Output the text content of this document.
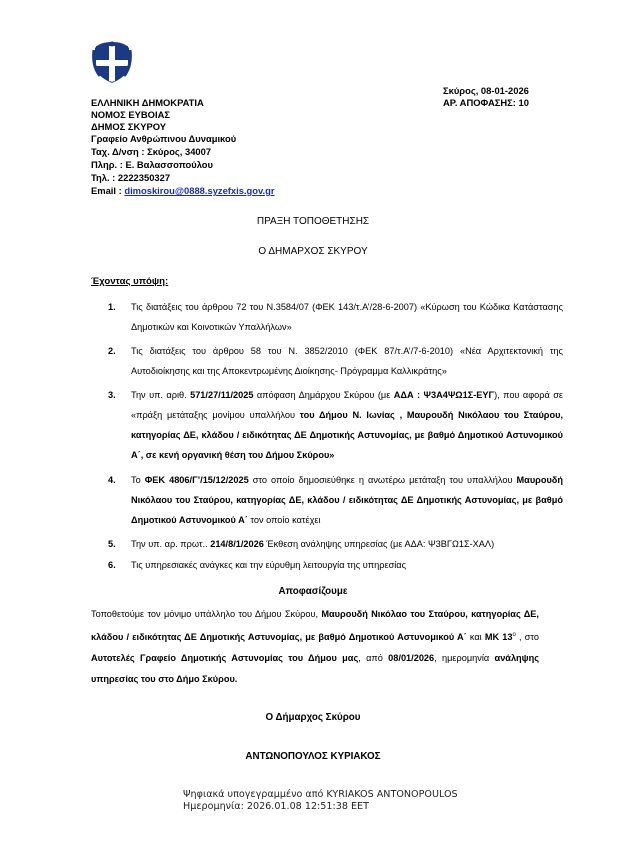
ΕΛΛΗΝΙΚΗ ΔΗΜΟΚΡΑΤΙΑ
ΝΟΜΟΣ ΕΥΒΟΙΑΣ
ΔΗΜΟΣ ΣΚΥΡΟΥ
Γραφείο Ανθρώπινου Δυναμικού
Ταχ. Δ/νση : Σκύρος, 34007
Πληρ. : Ε. Βαλασσοπούλου
Τηλ. : 2222350327
Email : dimoskirou@0888.syzefxis.gov.gr
Σκύρος, 08-01-2026
ΑΡ. ΑΠΟΦΑΣΗΣ: 10
ΠΡΑΞΗ ΤΟΠΟΘΕΤΗΣΗΣ
Ο ΔΗΜΑΡΧΟΣ ΣΚΥΡΟΥ
Έχοντας υπόψη:
1. Τις διατάξεις του άρθρου 72 του Ν.3584/07 (ΦΕΚ 143/τ.Α’/28-6-2007) «Κύρωση του Κώδικα Κατάστασης Δημοτικών και Κοινοτικών Υπαλλήλων»
2. Τις διατάξεις του άρθρου 58 του Ν. 3852/2010 (ΦΕΚ 87/τ.Α’/7-6-2010) «Νέα Αρχιτεκτονική της Αυτοδιοίκησης και της Αποκεντρωμένης Διοίκησης- Πρόγραμμα Καλλικράτης»
3. Την υπ. αριθ. 571/27/11/2025 απόφαση Δημάρχου Σκύρου (με ΑΔΑ : Ψ3Α4ΨΩ1Σ-ΕΥΓ), που αφορά σε «πράξη μετάταξης μονίμου υπαλλήλου του Δήμου Ν. Ιωνίας , Μαυρουδή Νικόλαου του Σταύρου, κατηγορίας ΔΕ, κλάδου / ειδικότητας ΔΕ Δημοτικής Αστυνομίας, με βαθμό Δημοτικού Αστυνομικού Α΄, σε κενή οργανική θέση του Δήμου Σκύρου»
4. Το ΦΕΚ 4806/Γ’/15/12/2025 στο οποίο δημοσιεύθηκε η ανωτέρω μετάταξη του υπαλλήλου Μαυρουδή Νικόλαου του Σταύρου, κατηγορίας ΔΕ, κλάδου / ειδικότητας ΔΕ Δημοτικής Αστυνομίας, με βαθμό Δημοτικού Αστυνομικού Α΄ τον οποίο κατέχει
5. Την υπ. αρ. πρωτ.. 214/8/1/2026 Έκθεση ανάληψης υπηρεσίας (με ΑΔΑ: Ψ3ΒΓΩ1Σ-ΧΑΛ)
6. Τις υπηρεσιακές ανάγκες και την εύρυθμη λειτουργία της υπηρεσίας
Αποφασίζουμε
Τοποθετούμε τον μόνιμο υπάλληλο του Δήμου Σκύρου, Μαυρουδή Νικόλαο του Σταύρου, κατηγορίας ΔΕ, κλάδου / ειδικότητας ΔΕ Δημοτικής Αστυνομίας, με βαθμό Δημοτικού Αστυνομικού Α΄ και ΜΚ $13^o$ , στο Αυτοτελές Γραφείο Δημοτικής Αστυνομίας του Δήμου μας, από 08/01/2026, ημερομηνία ανάληψης υπηρεσίας του στο Δήμο Σκύρου.
Ο Δήμαρχος Σκύρου
ΑΝΤΩΝΟΠΟΥΛΟΣ ΚΥΡΙΑΚΟΣ
Ψηφιακά υπογεγραμμένο από KYRIAKOS ANTONOPOULOS
Ημερομηνία: 2026.01.08 12:51:38 EET
